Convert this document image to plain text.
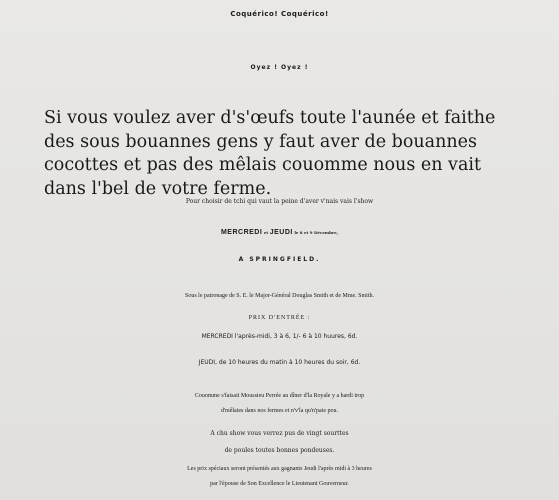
Coquérico! Coquérico!
Oyez ! Oyez !
Si vous voulez aver d's'œufs toute l'aunée et faithe
des sous bouannes gens y faut aver de bouannes
cocottes et pas des mêlais couomme nous en vait
dans l'bel de votre ferme.
Pour choisir de tchi qui vaut la peine d'aver v'nais vais l'show
MERCREDI et JEUDI le 8 et 9 Décembre,
A SPRINGFIELD.
Sous le patronage de S. E. le Major-Général Douglas Smith et de Mme. Smith.
PRIX D'ENTRÉE :
MERCREDI l'après-midi, 3 à 6, 1/- 6 à 10 huures, 6d.
JEUDI, de 10 heures du matin à 10 heures du soir, 6d.
Couomme s'faisait Moussieu Perrée au dîner d'la Royale y a hardi trop
d'mêlaies dans nos fermes et n'v'la qu'n'paie pou.
A chu show vous verrez pus de vingt sourttes
de poules toutes bonnes pondeuses.
Les prix spéciaux seront présentés aux gagnants Jeudi l'après midi à 3 heures
par l'épouse de Son Excellence le Lieutenant Gouverneur.
